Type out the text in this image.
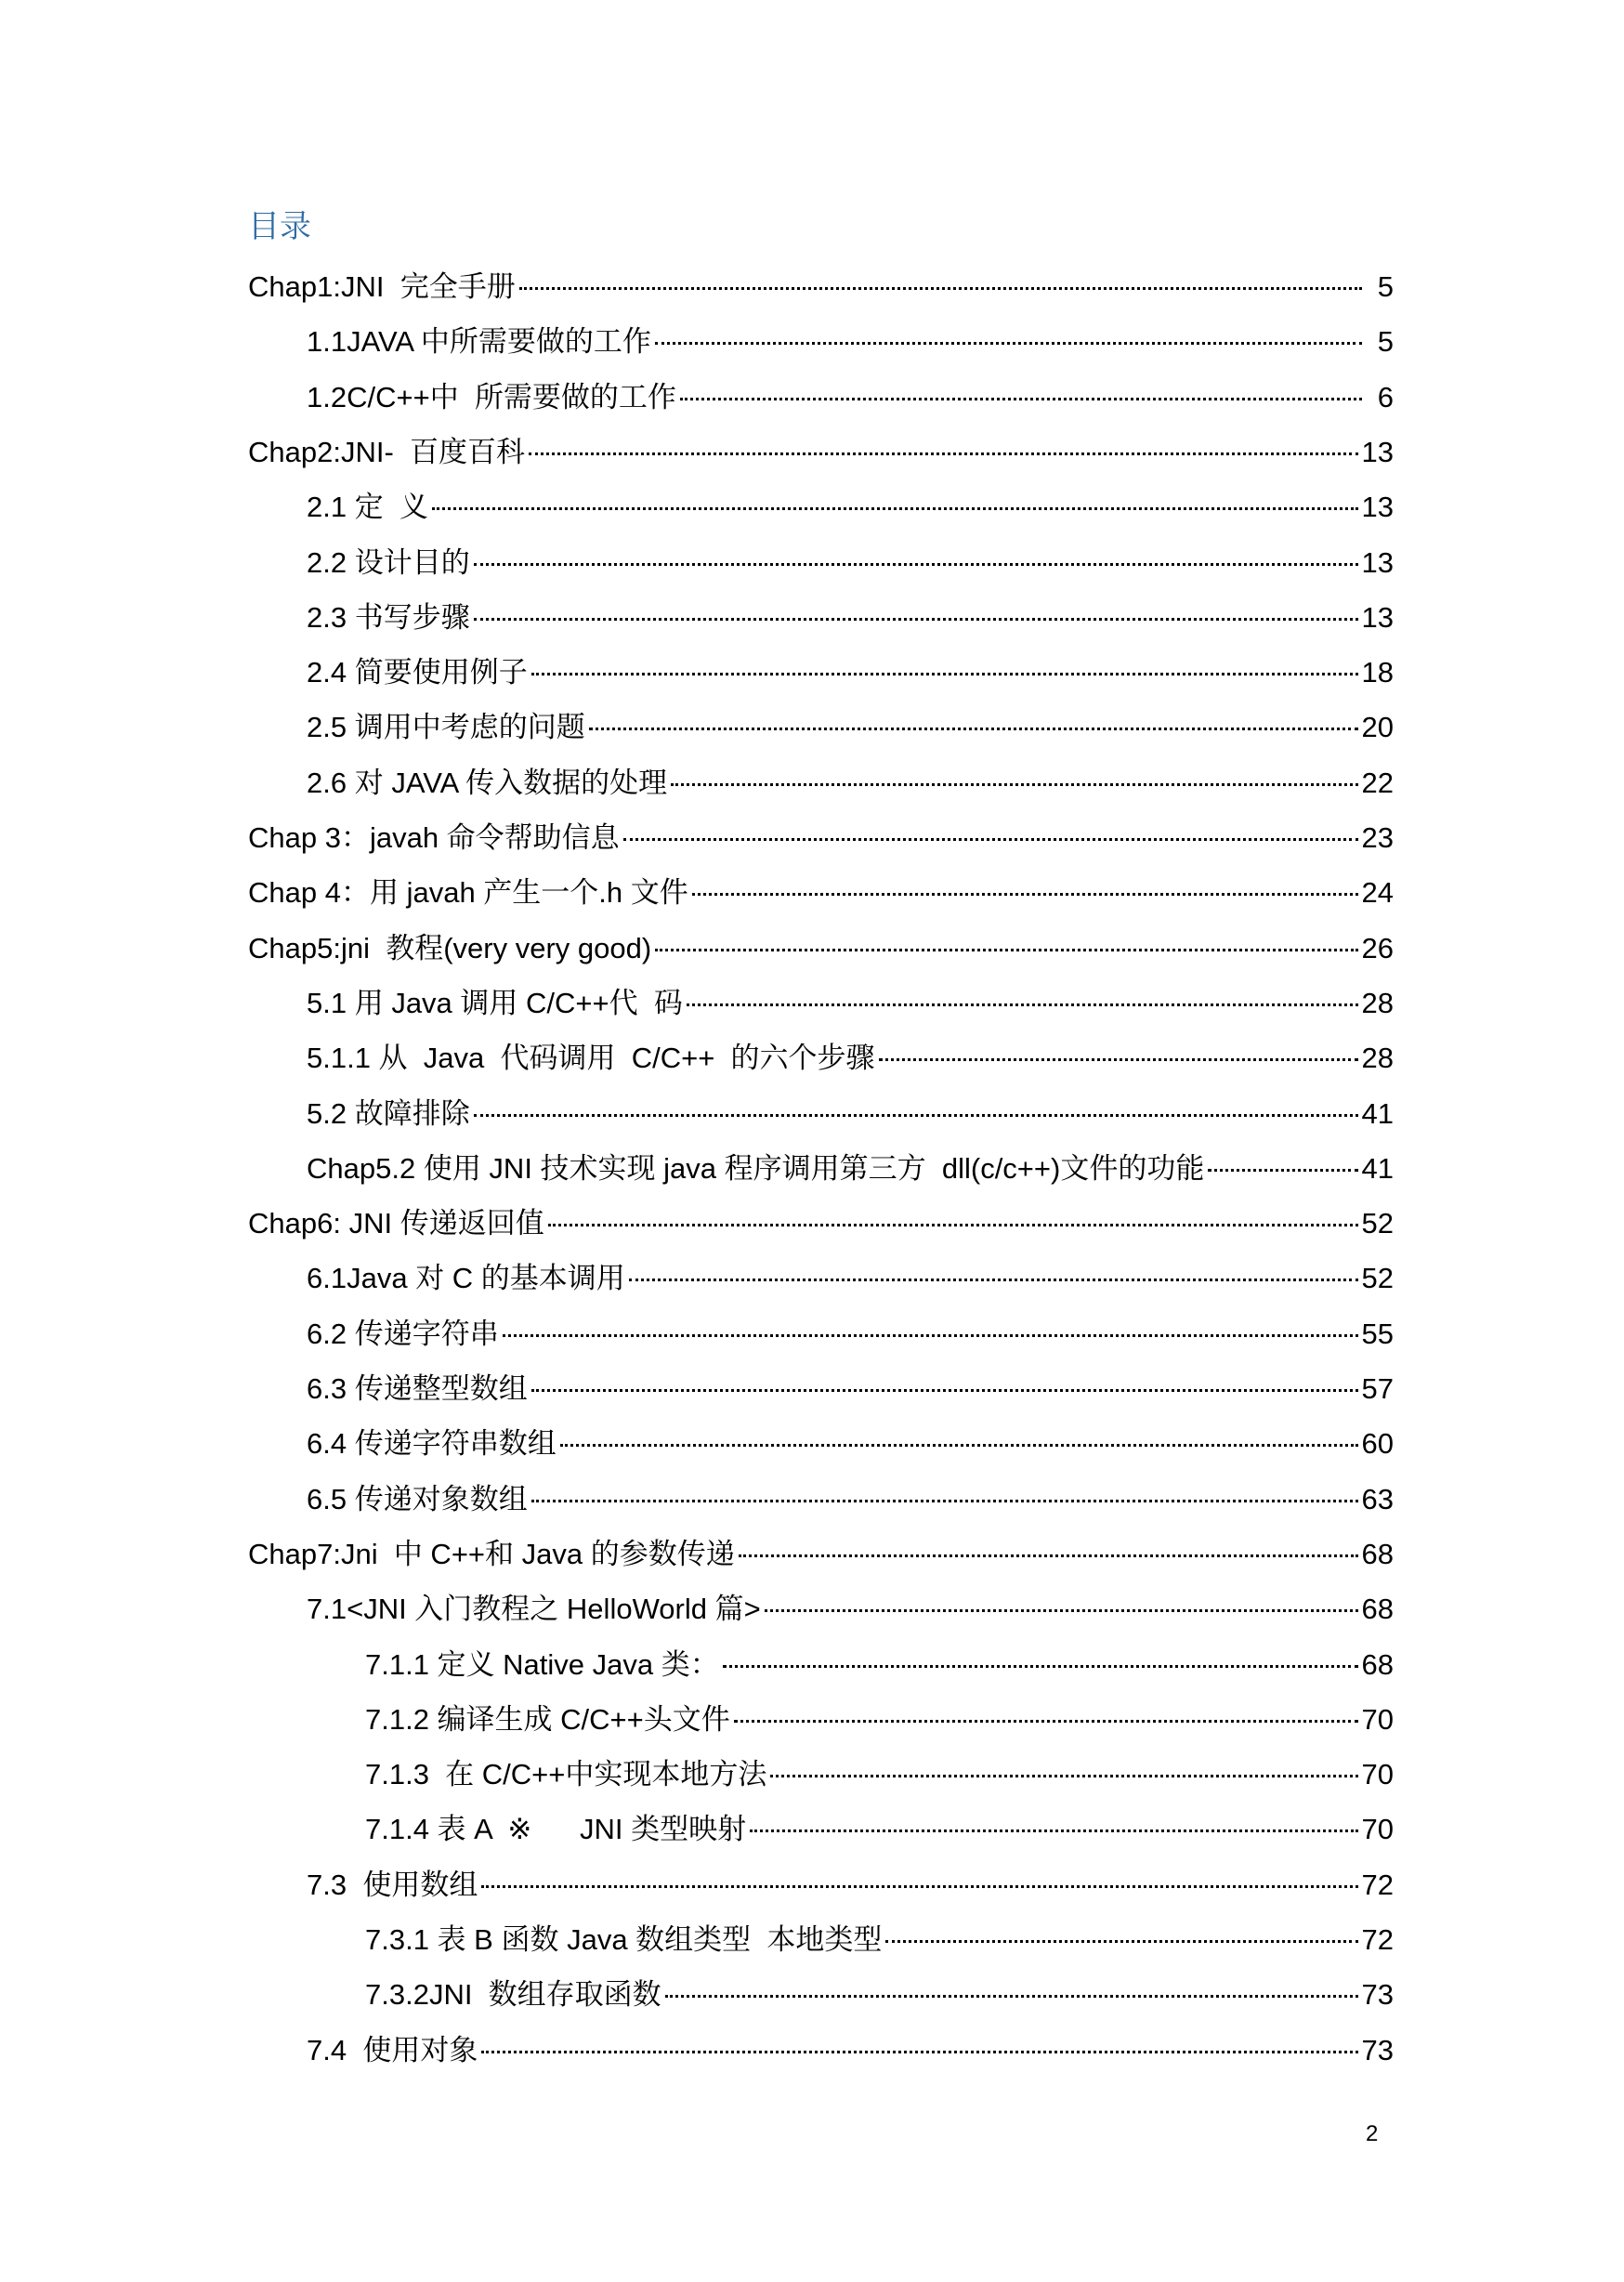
目录
Chap1:JNI  完全手册	5
1.1JAVA 中所需要做的工作	5
1.2C/C++中  所需要做的工作	6
Chap2:JNI-  百度百科	13
2.1 定  义	13
2.2 设计目的	13
2.3 书写步骤	13
2.4 简要使用例子	18
2.5 调用中考虑的问题	20
2.6 对 JAVA 传入数据的处理	22
Chap 3：javah 命令帮助信息	23
Chap 4：用 javah 产生一个.h 文件	24
Chap5:jni  教程(very very good)	26
5.1 用 Java 调用 C/C++代  码	28
5.1.1 从  Java  代码调用  C/C++  的六个步骤	28
5.2 故障排除	41
Chap5.2 使用 JNI 技术实现 java 程序调用第三方  dll(c/c++)文件的功能	41
Chap6: JNI 传递返回值	52
6.1Java 对 C 的基本调用	52
6.2 传递字符串	55
6.3 传递整型数组	57
6.4 传递字符串数组	60
6.5 传递对象数组	63
Chap7:Jni  中 C++和 Java 的参数传递	68
7.1<JNI 入门教程之 HelloWorld 篇>	68
7.1.1 定义 Native Java 类：	68
7.1.2 编译生成 C/C++头文件	70
7.1.3  在 C/C++中实现本地方法	70
7.1.4 表 A  ※      JNI 类型映射	70
7.3  使用数组	72
7.3.1 表 B 函数 Java 数组类型  本地类型	72
7.3.2JNI  数组存取函数	73
7.4  使用对象	73
2
